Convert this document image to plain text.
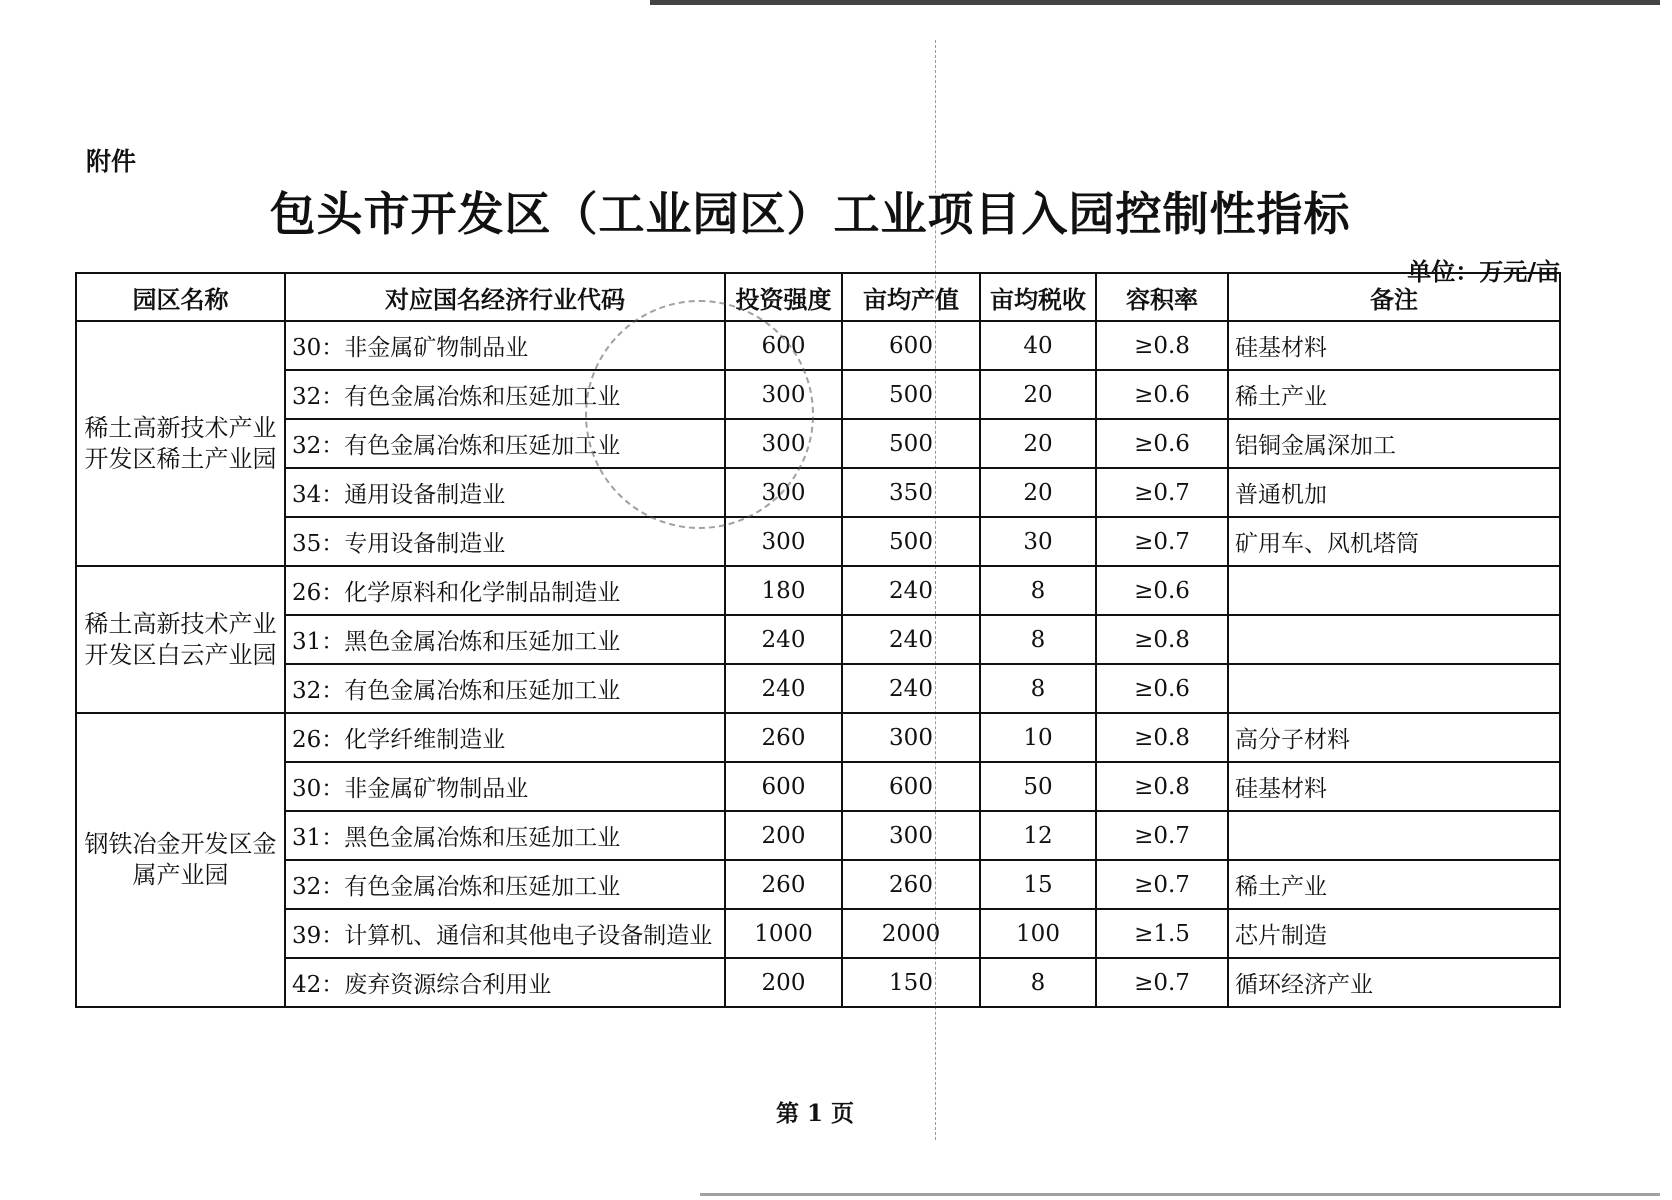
附件
包头市开发区（工业园区）工业项目入园控制性指标
单位：万元/亩
园区名称	对应国名经济行业代码	投资强度	亩均产值	亩均税收	容积率	备注
稀土高新技术产业开发区稀土产业园	30：非金属矿物制品业	600	600	40	≥0.8	硅基材料
	32：有色金属冶炼和压延加工业	300	500	20	≥0.6	稀土产业
	32：有色金属冶炼和压延加工业	300	500	20	≥0.6	铝铜金属深加工
	34：通用设备制造业	300	350	20	≥0.7	普通机加
	35：专用设备制造业	300	500	30	≥0.7	矿用车、风机塔筒
稀土高新技术产业开发区白云产业园	26：化学原料和化学制品制造业	180	240	8	≥0.6	
	31：黑色金属冶炼和压延加工业	240	240	8	≥0.8	
	32：有色金属冶炼和压延加工业	240	240	8	≥0.6	
钢铁冶金开发区金属产业园	26：化学纤维制造业	260	300	10	≥0.8	高分子材料
	30：非金属矿物制品业	600	600	50	≥0.8	硅基材料
	31：黑色金属冶炼和压延加工业	200	300	12	≥0.7	
	32：有色金属冶炼和压延加工业	260	260	15	≥0.7	稀土产业
	39：计算机、通信和其他电子设备制造业	1000	2000	100	≥1.5	芯片制造
	42：废弃资源综合利用业	200	150	8	≥0.7	循环经济产业
第 1 页
